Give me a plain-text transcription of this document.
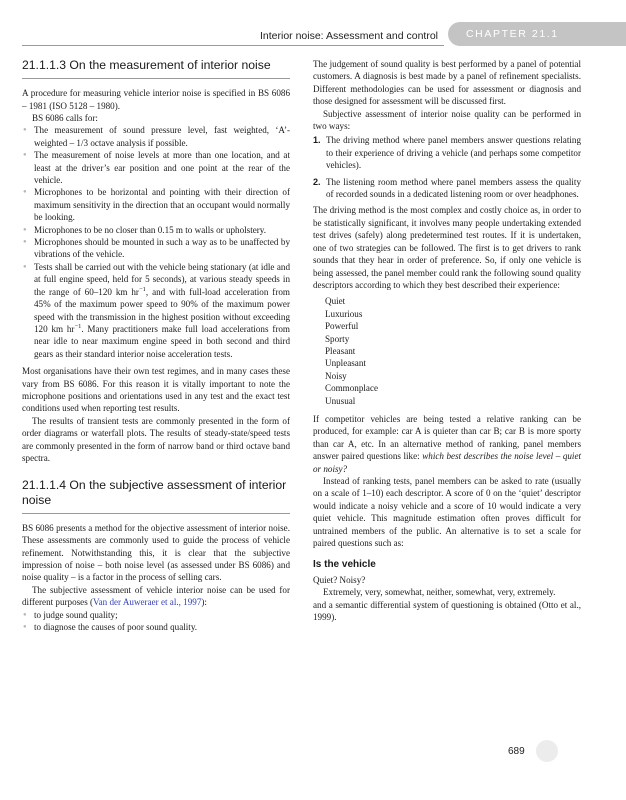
Interior noise: Assessment and control	CHAPTER 21.1
21.1.1.3 On the measurement of interior noise

A procedure for measuring vehicle interior noise is specified in BS 6086 – 1981 (ISO 5128 – 1980).

BS 6086 calls for:

● The measurement of sound pressure level, fast weighted, ‘A’-weighted – 1/3 octave analysis if possible.
● The measurement of noise levels at more than one location, and at least at the driver’s ear position and one point at the rear of the vehicle.
● Microphones to be horizontal and pointing with their direction of maximum sensitivity in the direction that an occupant would normally be looking.
● Microphones to be no closer than 0.15 m to walls or upholstery.
● Microphones should be mounted in such a way as to be unaffected by vibrations of the vehicle.
● Tests shall be carried out with the vehicle being stationary (at idle and at full engine speed, held for 5 seconds), at various steady speeds in the range of 60–120 km $hr^{-1}$, and with full-load acceleration from 45% of the maximum power speed to 90% of the maximum power speed with the transmission in the highest position without exceeding 120 km $hr^{-1}$. Many practitioners make full load accelerations from near idle to near maximum engine speed in both second and third gears as their standard interior noise acceleration tests.

Most organisations have their own test regimes, and in many cases these vary from BS 6086. For this reason it is vitally important to note the microphone positions and orientations used in any test and the exact test conditions used when reporting test results.

The results of transient tests are commonly presented in the form of order diagrams or waterfall plots. The results of steady-state/speed tests are commonly presented in the form of narrow band or third octave band spectra.

21.1.1.4 On the subjective assessment of interior noise

BS 6086 presents a method for the objective assessment of interior noise. These assessments are commonly used to guide the process of vehicle refinement. Notwithstanding this, it is clear that the subjective impression of noise – both noise level (as assessed under BS 6086) and noise quality – is a factor in the process of selling cars.

The subjective assessment of vehicle interior noise can be used for different purposes (Van der Auweraer et al., 1997):

● to judge sound quality;
● to diagnose the causes of poor sound quality.

The judgement of sound quality is best performed by a panel of potential customers. A diagnosis is best made by a panel of refinement specialists. Different methodologies can be used for assessment or diagnosis and those designed for assessment will be discussed first.

Subjective assessment of interior noise quality can be performed in two ways:

1. The driving method where panel members answer questions relating to their experience of driving a vehicle (and perhaps some competitor vehicles).
2. The listening room method where panel members assess the quality of recorded sounds in a dedicated listening room or over headphones.

The driving method is the most complex and costly choice as, in order to be statistically significant, it involves many people undertaking extended test drives (safely) along predetermined test routes. If it is undertaken, one of two strategies can be followed. The first is to get drivers to rank sounds that they hear in order of preference. So, if only one vehicle is being assessed, the panel member could rank the following sound quality descriptors according to which they best described their experience:

Quiet
Luxurious
Powerful
Sporty
Pleasant
Unpleasant
Noisy
Commonplace
Unusual

If competitor vehicles are being tested a relative ranking can be produced, for example: car A is quieter than car B; car B is more sporty than car A, etc. In an alternative method of ranking, panel members answer paired questions like: which best describes the noise level – quiet or noisy?

Instead of ranking tests, panel members can be asked to rate (usually on a scale of 1–10) each descriptor. A score of 0 on the ‘quiet’ descriptor would indicate a noisy vehicle and a score of 10 would indicate a very quiet vehicle. This magnitude estimation often proves difficult for untrained members of the public. An alternative is to set a scale for paired questions such as:

Is the vehicle

Quiet? Noisy?

Extremely, very, somewhat, neither, somewhat, very, extremely.

and a semantic differential system of questioning is obtained (Otto et al., 1999).

689
